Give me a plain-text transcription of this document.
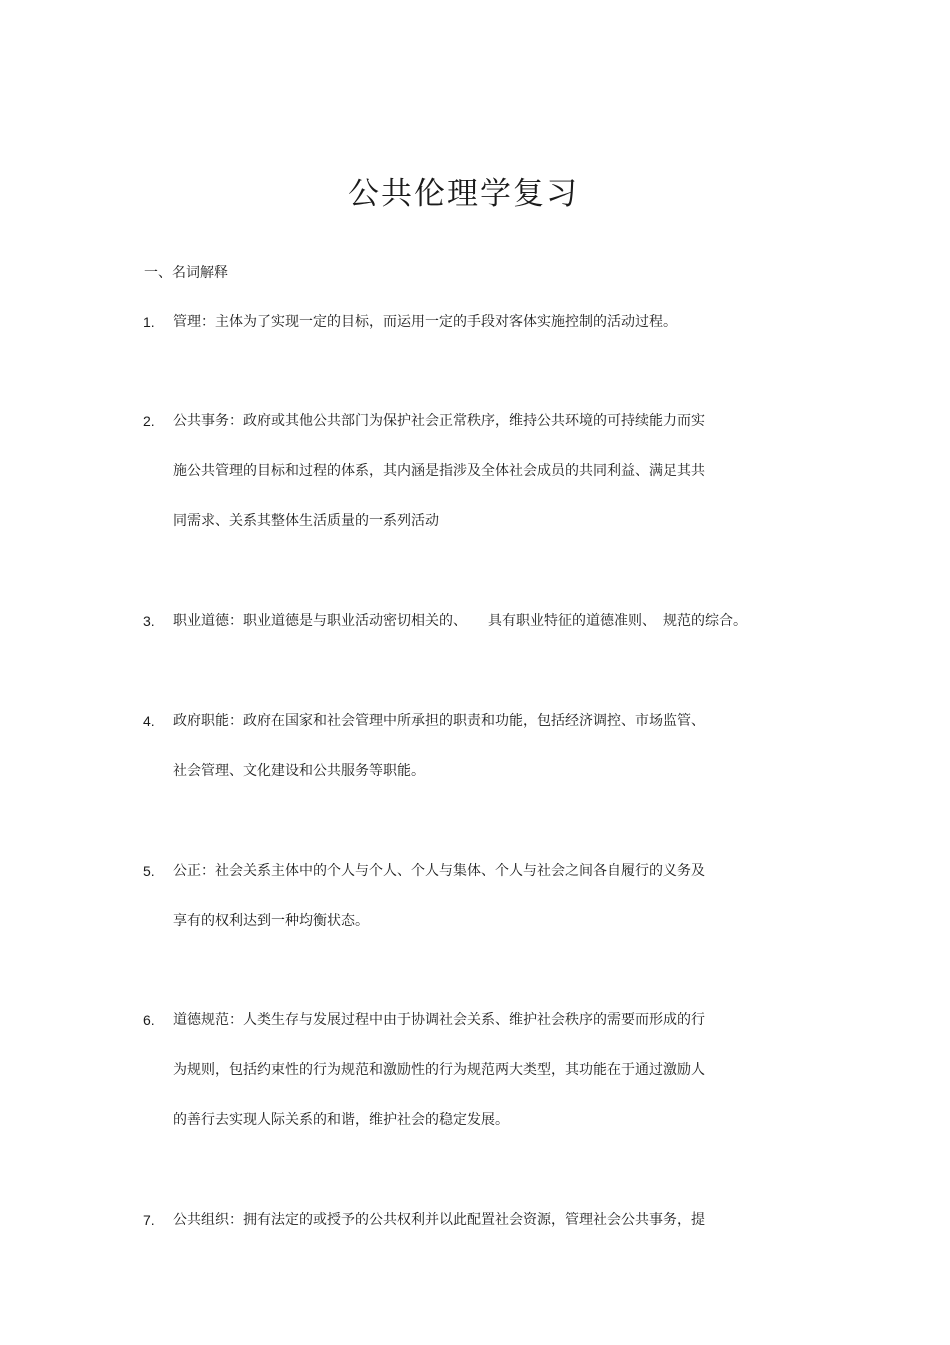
公共伦理学复习
一、名词解释
1. 管理：主体为了实现一定的目标，而运用一定的手段对客体实施控制的活动过程。
2. 公共事务：政府或其他公共部门为保护社会正常秩序，维持公共环境的可持续能力而实
施公共管理的目标和过程的体系，其内涵是指涉及全体社会成员的共同利益、满足其共
同需求、关系其整体生活质量的一系列活动
3. 职业道德：职业道德是与职业活动密切相关的、　　具有职业特征的道德准则、　规范的综合。
4. 政府职能：政府在国家和社会管理中所承担的职责和功能，包括经济调控、市场监管、
社会管理、文化建设和公共服务等职能。
5. 公正：社会关系主体中的个人与个人、个人与集体、个人与社会之间各自履行的义务及
享有的权利达到一种均衡状态。
6. 道德规范：人类生存与发展过程中由于协调社会关系、维护社会秩序的需要而形成的行
为规则，包括约束性的行为规范和激励性的行为规范两大类型，其功能在于通过激励人
的善行去实现人际关系的和谐，维护社会的稳定发展。
7. 公共组织：拥有法定的或授予的公共权利并以此配置社会资源，管理社会公共事务，提
